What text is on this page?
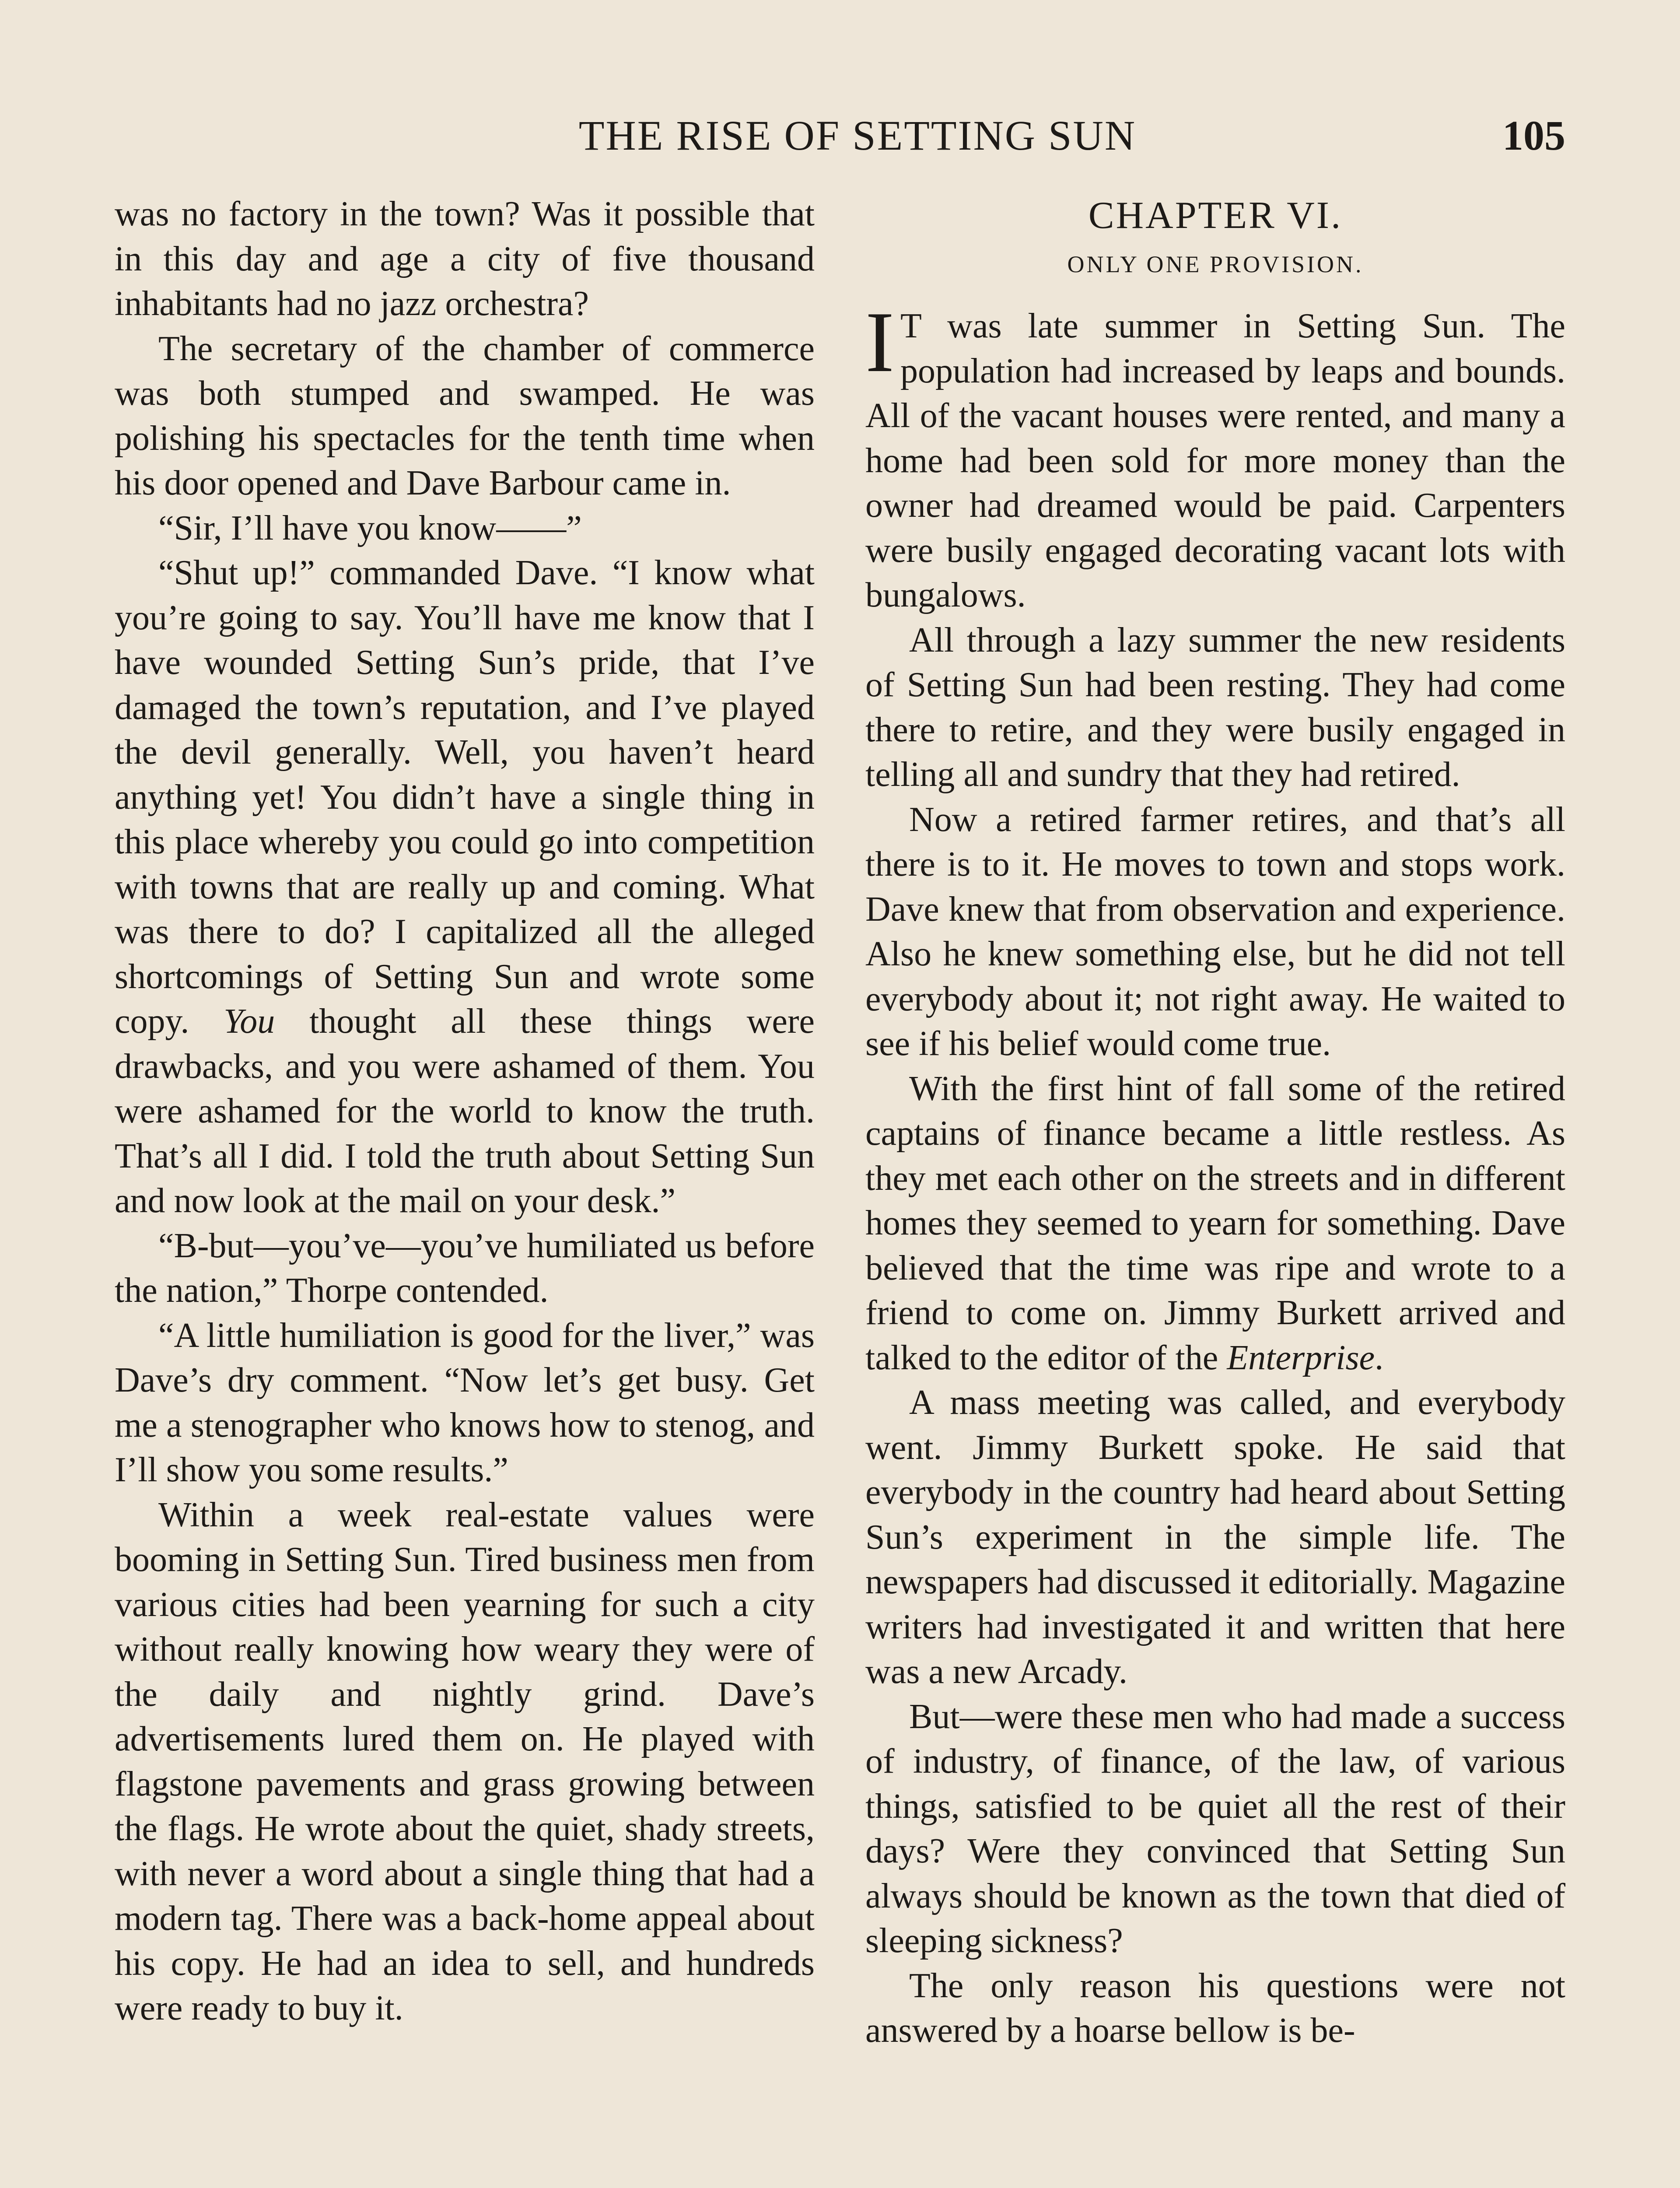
THE RISE OF SETTING SUN	105

was no factory in the town? Was it possible that in this day and age a city of five thousand inhabitants had no jazz orchestra?

The secretary of the chamber of commerce was both stumped and swamped. He was polishing his spectacles for the tenth time when his door opened and Dave Barbour came in.

“Sir, I’ll have you know——”

“Shut up!” commanded Dave. “I know what you’re going to say. You’ll have me know that I have wounded Setting Sun’s pride, that I’ve damaged the town’s reputation, and I’ve played the devil generally. Well, you haven’t heard anything yet! You didn’t have a single thing in this place whereby you could go into competition with towns that are really up and coming. What was there to do? I capitalized all the alleged shortcomings of Setting Sun and wrote some copy. You thought all these things were drawbacks, and you were ashamed of them. You were ashamed for the world to know the truth. That’s all I did. I told the truth about Setting Sun and now look at the mail on your desk.”

“B-but—you’ve—you’ve humiliated us before the nation,” Thorpe contended.

“A little humiliation is good for the liver,” was Dave’s dry comment. “Now let’s get busy. Get me a stenographer who knows how to stenog, and I’ll show you some results.”

Within a week real-estate values were booming in Setting Sun. Tired business men from various cities had been yearning for such a city without really knowing how weary they were of the daily and nightly grind. Dave’s advertisements lured them on. He played with flagstone pavements and grass growing between the flags. He wrote about the quiet, shady streets, with never a word about a single thing that had a modern tag. There was a back-home appeal about his copy. He had an idea to sell, and hundreds were ready to buy it.

CHAPTER VI.
ONLY ONE PROVISION.

I T was late summer in Setting Sun. The population had increased by leaps and bounds. All of the vacant houses were rented, and many a home had been sold for more money than the owner had dreamed would be paid. Carpenters were busily engaged decorating vacant lots with bungalows.

All through a lazy summer the new residents of Setting Sun had been resting. They had come there to retire, and they were busily engaged in telling all and sundry that they had retired.

Now a retired farmer retires, and that’s all there is to it. He moves to town and stops work. Dave knew that from observation and experience. Also he knew something else, but he did not tell everybody about it; not right away. He waited to see if his belief would come true.

With the first hint of fall some of the retired captains of finance became a little restless. As they met each other on the streets and in different homes they seemed to yearn for something. Dave believed that the time was ripe and wrote to a friend to come on. Jimmy Burkett arrived and talked to the editor of the Enterprise.

A mass meeting was called, and everybody went. Jimmy Burkett spoke. He said that everybody in the country had heard about Setting Sun’s experiment in the simple life. The newspapers had discussed it editorially. Magazine writers had investigated it and written that here was a new Arcady.

But—were these men who had made a success of industry, of finance, of the law, of various things, satisfied to be quiet all the rest of their days? Were they convinced that Setting Sun always should be known as the town that died of sleeping sickness?

The only reason his questions were not answered by a hoarse bellow is be-
